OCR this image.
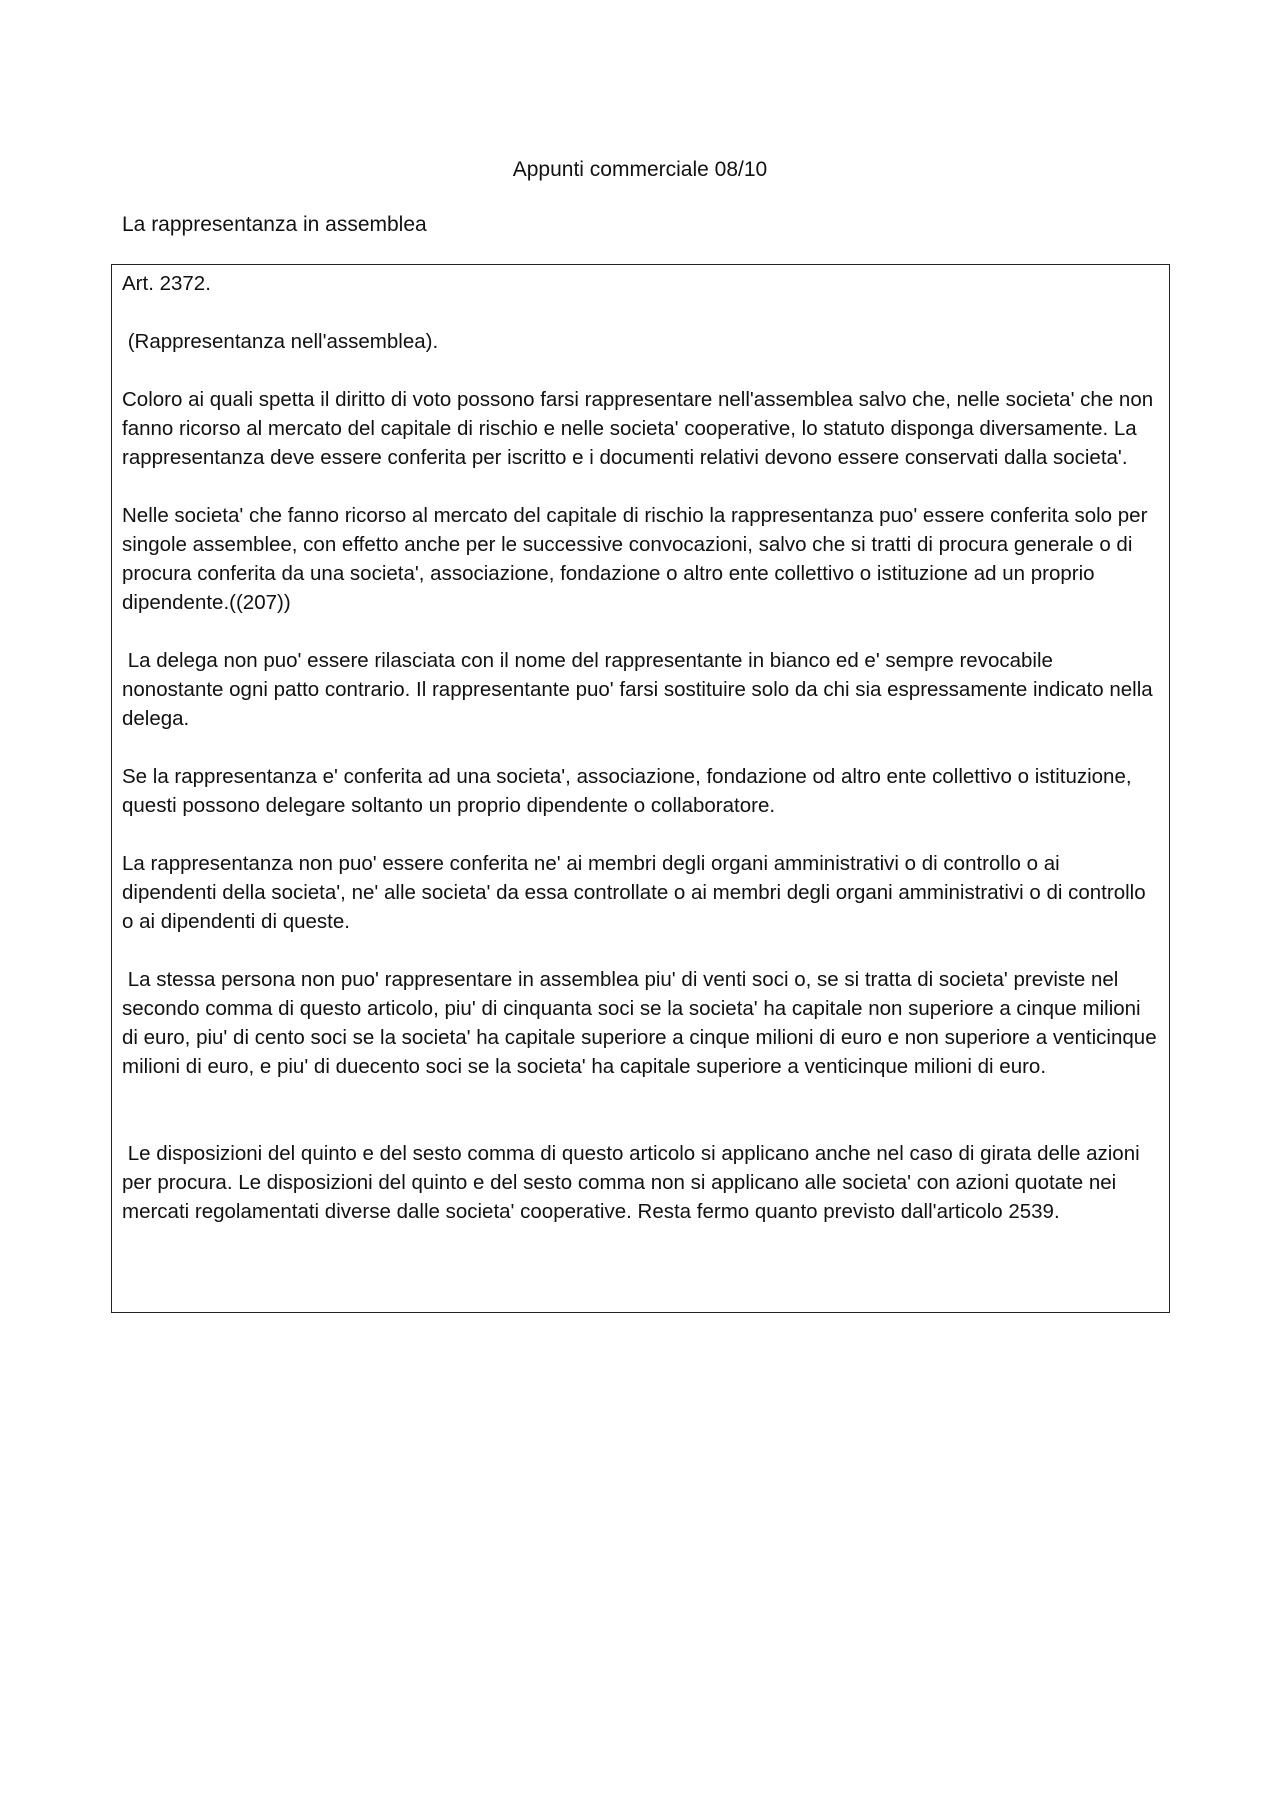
Appunti commerciale 08/10
La rappresentanza in assemblea

Art. 2372.

(Rappresentanza nell'assemblea).

Coloro ai quali spetta il diritto di voto possono farsi rappresentare nell'assemblea salvo che, nelle societa' che non fanno ricorso al mercato del capitale di rischio e nelle societa' cooperative, lo statuto disponga diversamente. La rappresentanza deve essere conferita per iscritto e i documenti relativi devono essere conservati dalla societa'.

Nelle societa' che fanno ricorso al mercato del capitale di rischio la rappresentanza puo' essere conferita solo per singole assemblee, con effetto anche per le successive convocazioni, salvo che si tratti di procura generale o di procura conferita da una societa', associazione, fondazione o altro ente collettivo o istituzione ad un proprio dipendente.((207))

La delega non puo' essere rilasciata con il nome del rappresentante in bianco ed e' sempre revocabile nonostante ogni patto contrario. Il rappresentante puo' farsi sostituire solo da chi sia espressamente indicato nella delega.

Se la rappresentanza e' conferita ad una societa', associazione, fondazione od altro ente collettivo o istituzione, questi possono delegare soltanto un proprio dipendente o collaboratore.

La rappresentanza non puo' essere conferita ne' ai membri degli organi amministrativi o di controllo o ai dipendenti della societa', ne' alle societa' da essa controllate o ai membri degli organi amministrativi o di controllo o ai dipendenti di queste.

La stessa persona non puo' rappresentare in assemblea piu' di venti soci o, se si tratta di societa' previste nel secondo comma di questo articolo, piu' di cinquanta soci se la societa' ha capitale non superiore a cinque milioni di euro, piu' di cento soci se la societa' ha capitale superiore a cinque milioni di euro e non superiore a venticinque milioni di euro, e piu' di duecento soci se la societa' ha capitale superiore a venticinque milioni di euro.

Le disposizioni del quinto e del sesto comma di questo articolo si applicano anche nel caso di girata delle azioni per procura. Le disposizioni del quinto e del sesto comma non si applicano alle societa' con azioni quotate nei mercati regolamentati diverse dalle societa' cooperative. Resta fermo quanto previsto dall'articolo 2539.
